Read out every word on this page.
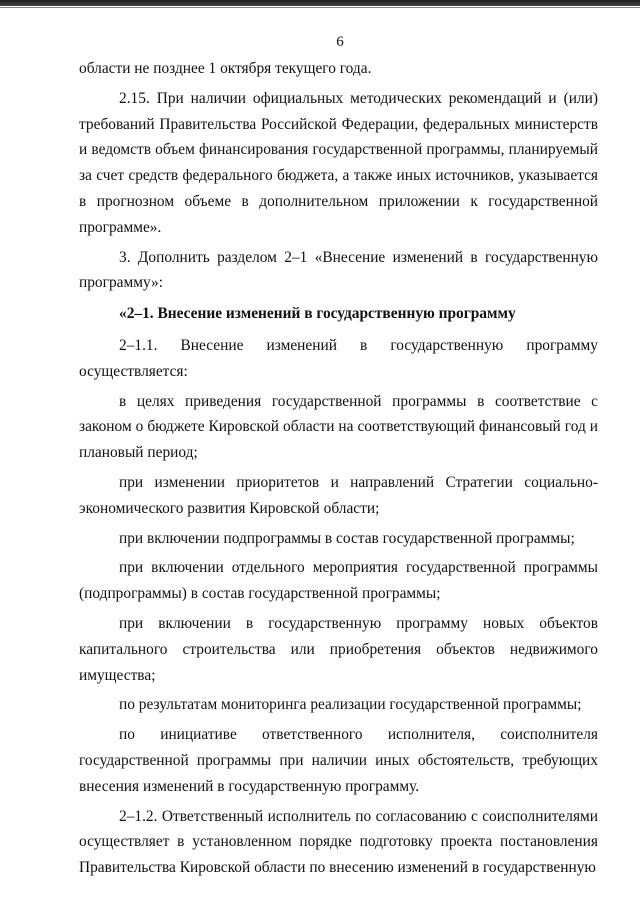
6

области не позднее 1 октября текущего года.

2.15. При наличии официальных методических рекомендаций и (или) требований Правительства Российской Федерации, федеральных министерств и ведомств объем финансирования государственной программы, планируемый за счет средств федерального бюджета, а также иных источников, указывается в прогнозном объеме в дополнительном приложении к государственной программе».

3. Дополнить разделом 2–1 «Внесение изменений в государственную программу»:

«2–1. Внесение изменений в государственную программу

2–1.1. Внесение изменений в государственную программу осуществляется:

в целях приведения государственной программы в соответствие с законом о бюджете Кировской области на соответствующий финансовый год и плановый период;

при изменении приоритетов и направлений Стратегии социально-экономического развития Кировской области;

при включении подпрограммы в состав государственной программы;

при включении отдельного мероприятия государственной программы (подпрограммы) в состав государственной программы;

при включении в государственную программу новых объектов капитального строительства или приобретения объектов недвижимого имущества;

по результатам мониторинга реализации государственной программы;

по инициативе ответственного исполнителя, соисполнителя государственной программы при наличии иных обстоятельств, требующих внесения изменений в государственную программу.

2–1.2. Ответственный исполнитель по согласованию с соисполнителями осуществляет в установленном порядке подготовку проекта постановления Правительства Кировской области по внесению изменений в государственную
